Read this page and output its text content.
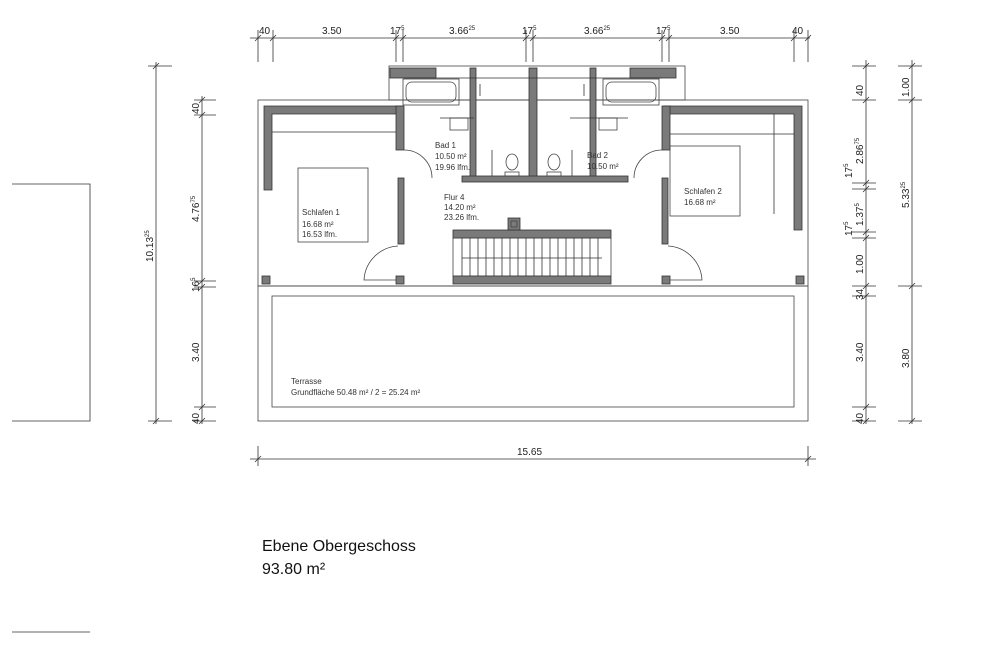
40	3.50	$17^5$	3.66$^{25}$	$17^5$	3.66$^{25}$	$17^5$	3.50	40
10.13$^{25}$
40
4.76$^{75}$
$16^5$
3.40
40
40
2.86$^{75}$
$17^5$
1.37$^5$
$17^5$
1.00
34
3.40
40
1.00
5.33$^{25}$
3.80
15.65
Schlafen 1
16.68 m²
16.53 lfm.
Bad 1
10.50 m²
19.96 lfm.
Bad 2
10.50 m²
Flur 4
14.20 m²
23.26 lfm.
Schlafen 2
16.68 m²
Terrasse
Grundfläche 50.48 m² / 2 = 25.24 m²
Ebene Obergeschoss
93.80 m²
